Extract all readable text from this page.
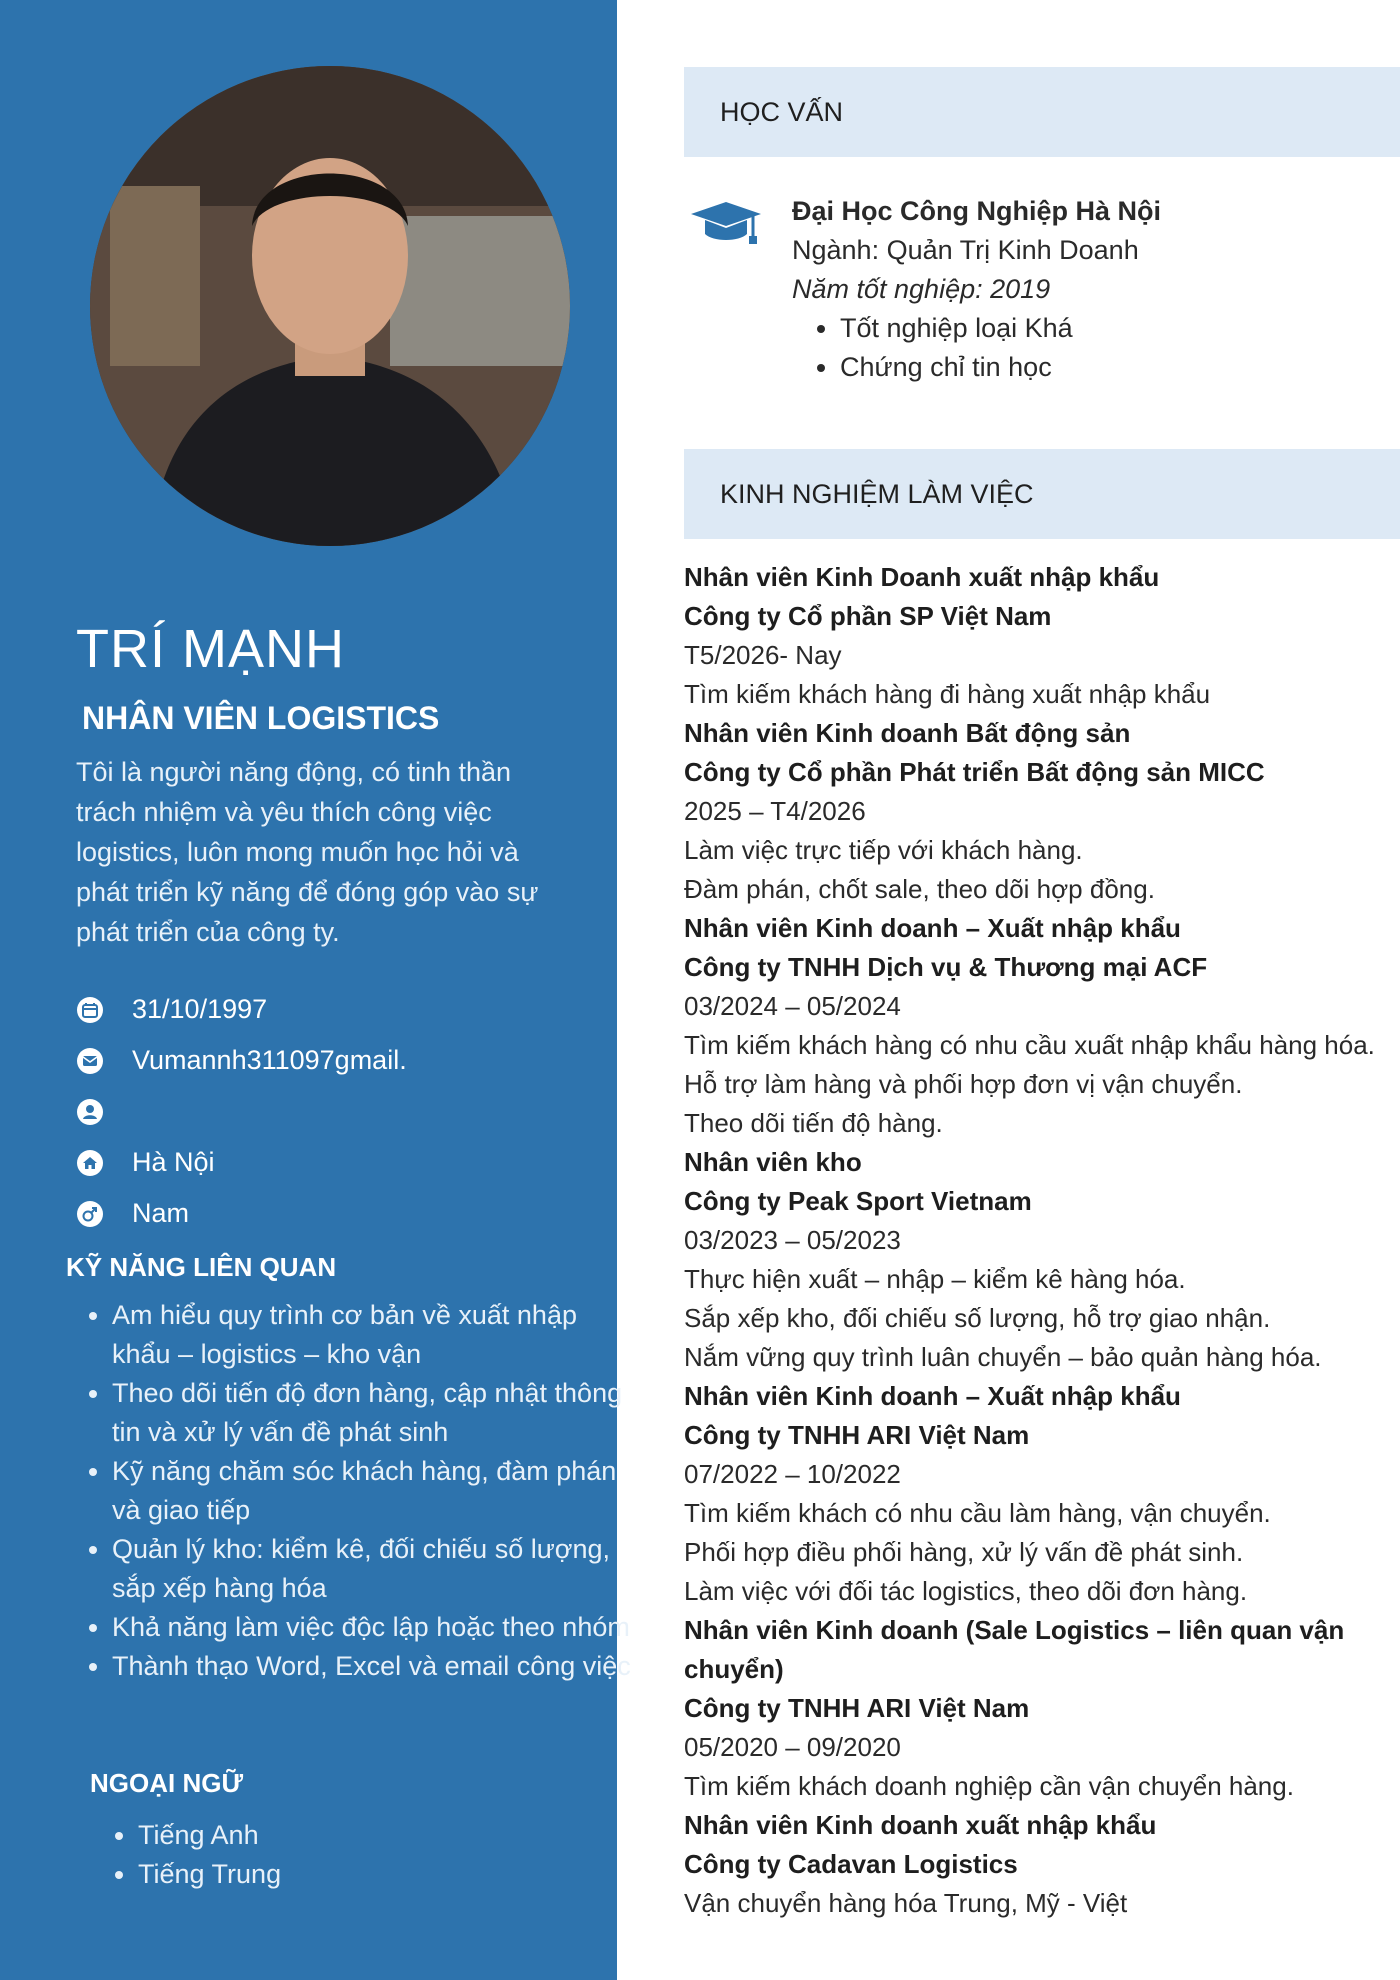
TRÍ MẠNH
NHÂN VIÊN LOGISTICS
Tôi là người năng động, có tinh thần trách nhiệm và yêu thích công việc logistics, luôn mong muốn học hỏi và phát triển kỹ năng để đóng góp vào sự phát triển của công ty.
31/10/1997
Vumannh311097gmail.
Hà Nội
Nam
KỸ NĂNG LIÊN QUAN
• Am hiểu quy trình cơ bản về xuất nhập khẩu – logistics – kho vận
• Theo dõi tiến độ đơn hàng, cập nhật thông tin và xử lý vấn đề phát sinh
• Kỹ năng chăm sóc khách hàng, đàm phán và giao tiếp
• Quản lý kho: kiểm kê, đối chiếu số lượng, sắp xếp hàng hóa
• Khả năng làm việc độc lập hoặc theo nhóm
• Thành thạo Word, Excel và email công việc
NGOẠI NGỮ
• Tiếng Anh
• Tiếng Trung
HỌC VẤN
Đại Học Công Nghiệp Hà Nội
Ngành: Quản Trị Kinh Doanh
Năm tốt nghiệp: 2019
• Tốt nghiệp loại Khá
• Chứng chỉ tin học
KINH NGHIỆM LÀM VIỆC
Nhân viên Kinh Doanh xuất nhập khẩu
Công ty Cổ phần SP Việt Nam
T5/2026- Nay
Tìm kiếm khách hàng đi hàng xuất nhập khẩu
Nhân viên Kinh doanh Bất động sản
Công ty Cổ phần Phát triển Bất động sản MICC
2025 – T4/2026
Làm việc trực tiếp với khách hàng.
Đàm phán, chốt sale, theo dõi hợp đồng.
Nhân viên Kinh doanh – Xuất nhập khẩu
Công ty TNHH Dịch vụ & Thương mại ACF
03/2024 – 05/2024
Tìm kiếm khách hàng có nhu cầu xuất nhập khẩu hàng hóa.
Hỗ trợ làm hàng và phối hợp đơn vị vận chuyển.
Theo dõi tiến độ hàng.
Nhân viên kho
Công ty Peak Sport Vietnam
03/2023 – 05/2023
Thực hiện xuất – nhập – kiểm kê hàng hóa.
Sắp xếp kho, đối chiếu số lượng, hỗ trợ giao nhận.
Nắm vững quy trình luân chuyển – bảo quản hàng hóa.
Nhân viên Kinh doanh – Xuất nhập khẩu
Công ty TNHH ARI Việt Nam
07/2022 – 10/2022
Tìm kiếm khách có nhu cầu làm hàng, vận chuyển.
Phối hợp điều phối hàng, xử lý vấn đề phát sinh.
Làm việc với đối tác logistics, theo dõi đơn hàng.
Nhân viên Kinh doanh (Sale Logistics – liên quan vận chuyển)
Công ty TNHH ARI Việt Nam
05/2020 – 09/2020
Tìm kiếm khách doanh nghiệp cần vận chuyển hàng.
Nhân viên Kinh doanh xuất nhập khẩu
Công ty Cadavan Logistics
Vận chuyển hàng hóa Trung, Mỹ - Việt
